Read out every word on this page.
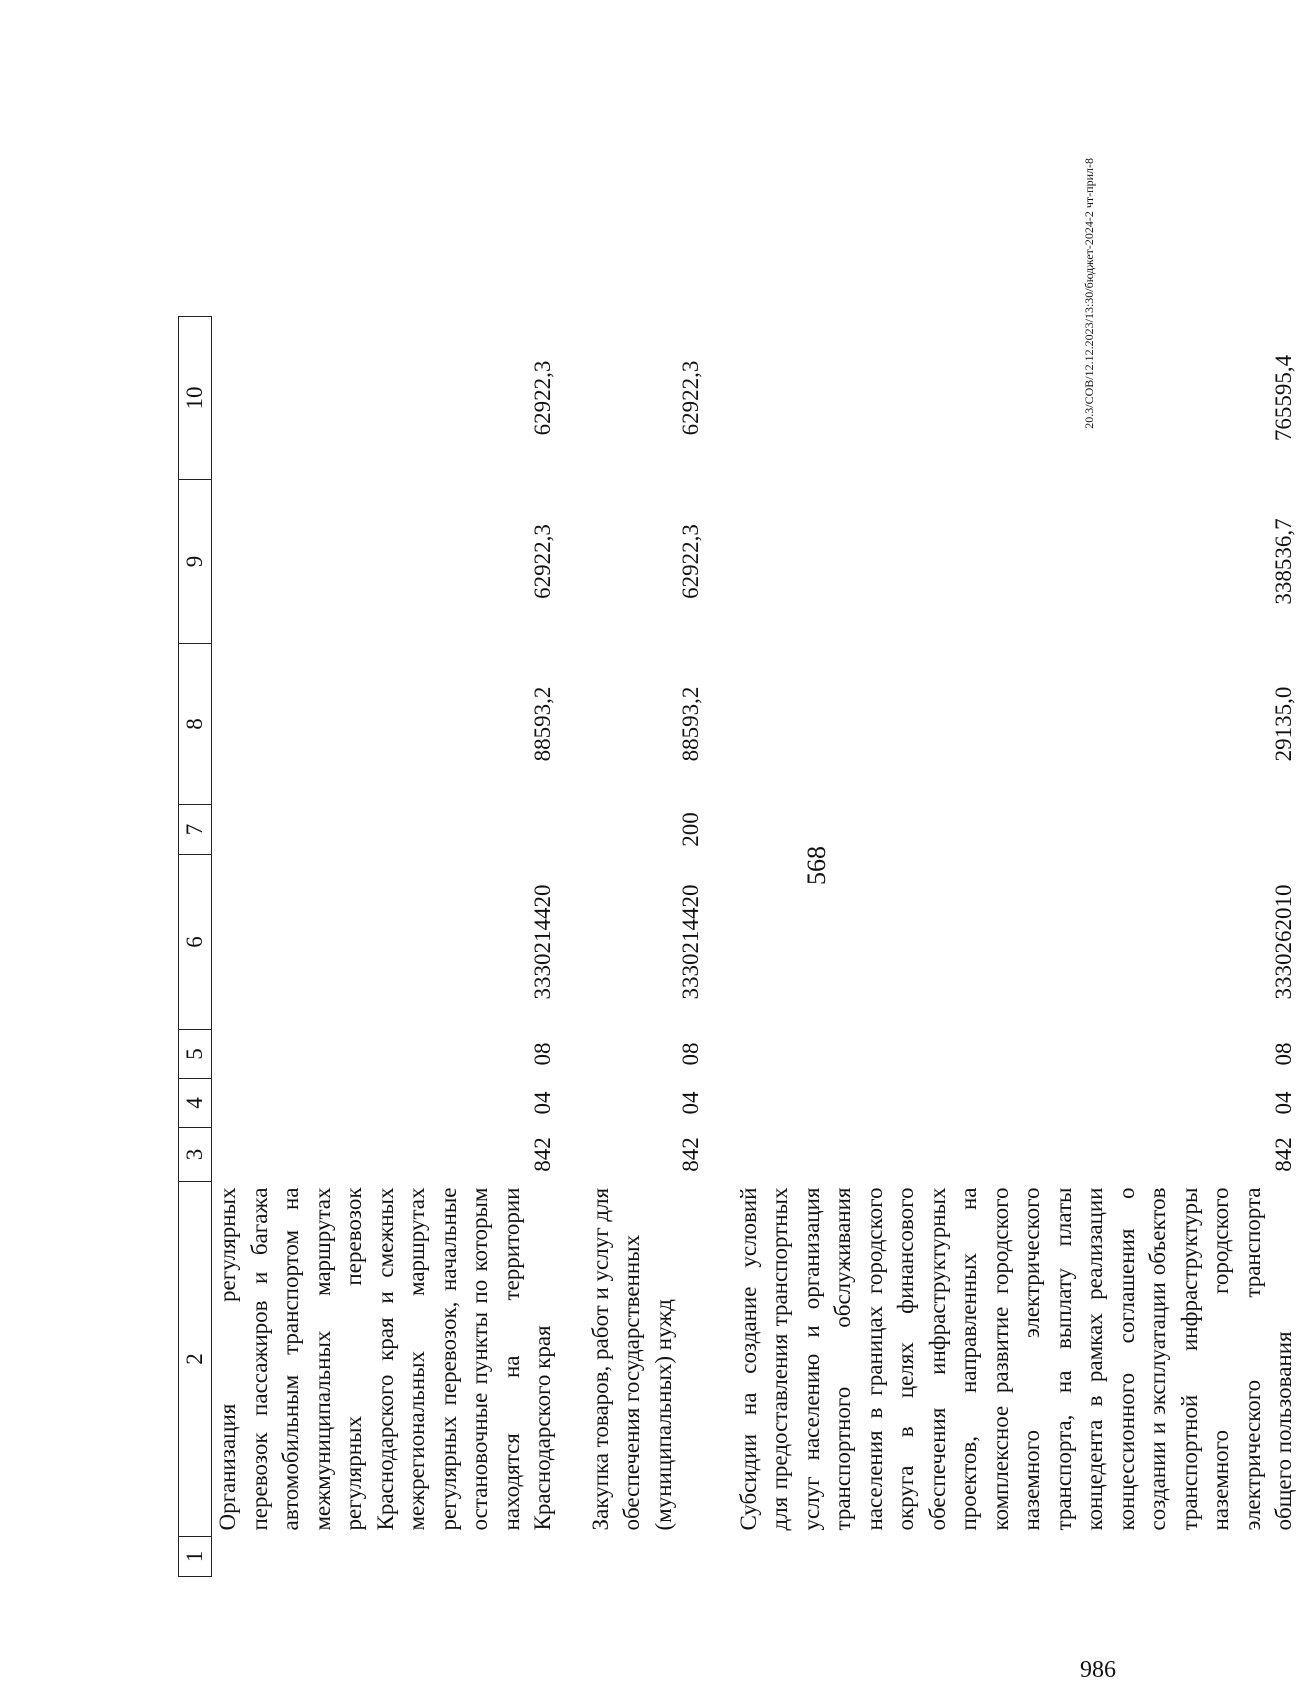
568
1	2	3	4	5	6	7	8	9	10
	Организация регулярных перевозок пассажиров и багажа автомобильным транспортом на межмуниципальных маршрутах регулярных перевозок Краснодарского края и смежных межрегиональных маршрутах регулярных перевозок, начальные остановочные пункты по которым находятся на территории Краснодарского края	842	04	08	3330214420		88593,2	62922,3	62922,3
	Закупка товаров, работ и услуг для обеспечения государственных (муниципальных) нужд	842	04	08	3330214420	200	88593,2	62922,3	62922,3
	Субсидии на создание условий для предоставления транспортных услуг населению и организация транспортного обслуживания населения в границах городского округа в целях финансового обеспечения инфраструктурных проектов, направленных на комплексное развитие городского наземного электрического транспорта, на выплату платы концедента в рамках реализации концессионного соглашения о создании и эксплуатации объектов транспортной инфраструктуры наземного городского электрического транспорта общего пользования	842	04	08	3330262010		29135,0	338536,7	765595,4
20.3/СОВ/12.12.2023/13:30/бюджет-2024-2 чт-прил-8
986
